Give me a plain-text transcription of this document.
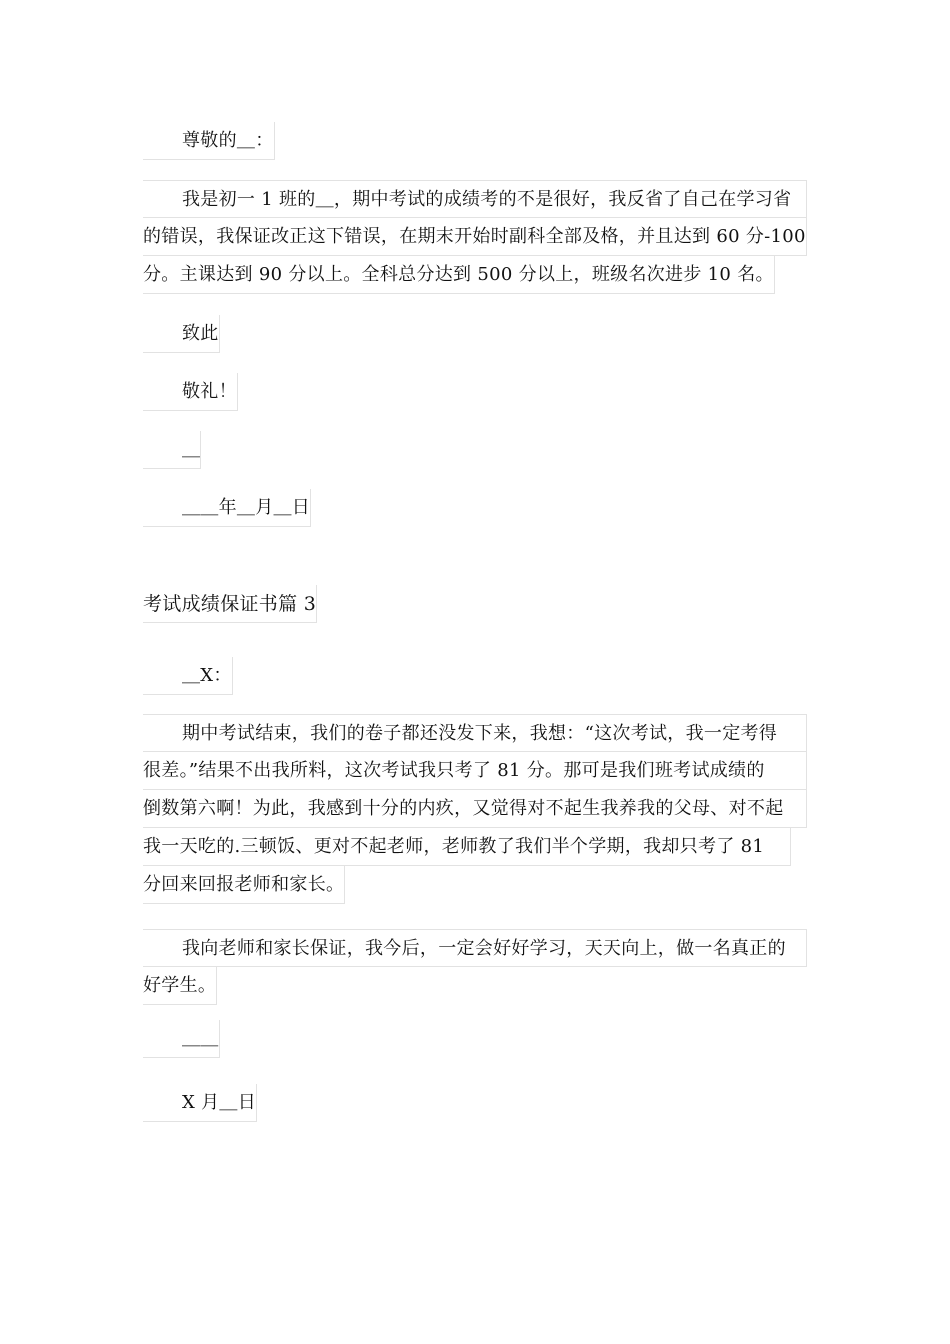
尊敬的＿：
我是初一 1 班的＿，期中考试的成绩考的不是很好，我反省了自己在学习省
的错误，我保证改正这下错误，在期末开始时副科全部及格，并且达到 60 分-100
分。主课达到 90 分以上。全科总分达到 500 分以上，班级名次进步 10 名。
致此
敬礼！
＿
＿＿年＿月＿日
考试成绩保证书篇 3
＿X：
期中考试结束，我们的卷子都还没发下来，我想：“这次考试，我一定考得
很差。”结果不出我所料，这次考试我只考了 81 分。那可是我们班考试成绩的
倒数第六啊！为此，我感到十分的内疚，又觉得对不起生我养我的父母、对不起
我一天吃的.三顿饭、更对不起老师，老师教了我们半个学期，我却只考了 81
分回来回报老师和家长。
我向老师和家长保证，我今后，一定会好好学习，天天向上，做一名真正的
好学生。
＿＿
X 月＿日
